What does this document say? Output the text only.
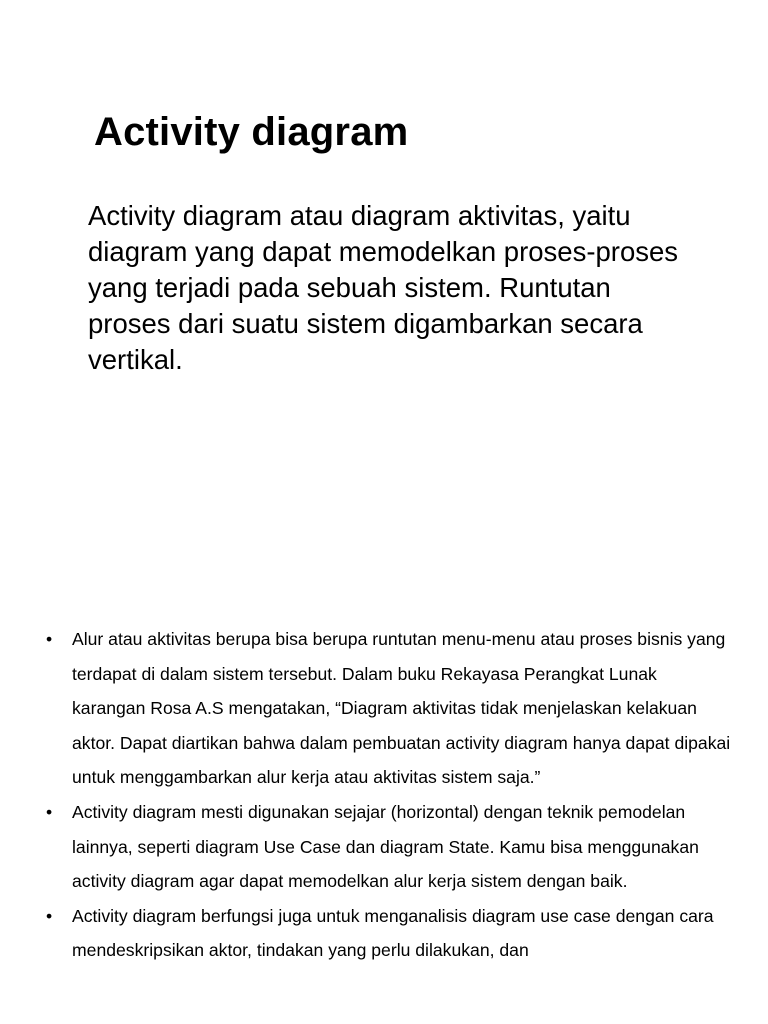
Activity diagram

Activity diagram atau diagram aktivitas, yaitu diagram yang dapat memodelkan proses-proses yang terjadi pada sebuah sistem. Runtutan proses dari suatu sistem digambarkan secara vertikal.

• Alur atau aktivitas berupa bisa berupa runtutan menu-menu atau proses bisnis yang terdapat di dalam sistem tersebut. Dalam buku Rekayasa Perangkat Lunak karangan Rosa A.S mengatakan, “Diagram aktivitas tidak menjelaskan kelakuan aktor. Dapat diartikan bahwa dalam pembuatan activity diagram hanya dapat dipakai untuk menggambarkan alur kerja atau aktivitas sistem saja.”
• Activity diagram mesti digunakan sejajar (horizontal) dengan teknik pemodelan lainnya, seperti diagram Use Case dan diagram State. Kamu bisa menggunakan activity diagram agar dapat memodelkan alur kerja sistem dengan baik.
• Activity diagram berfungsi juga untuk menganalisis diagram use case dengan cara mendeskripsikan aktor, tindakan yang perlu dilakukan, dan
